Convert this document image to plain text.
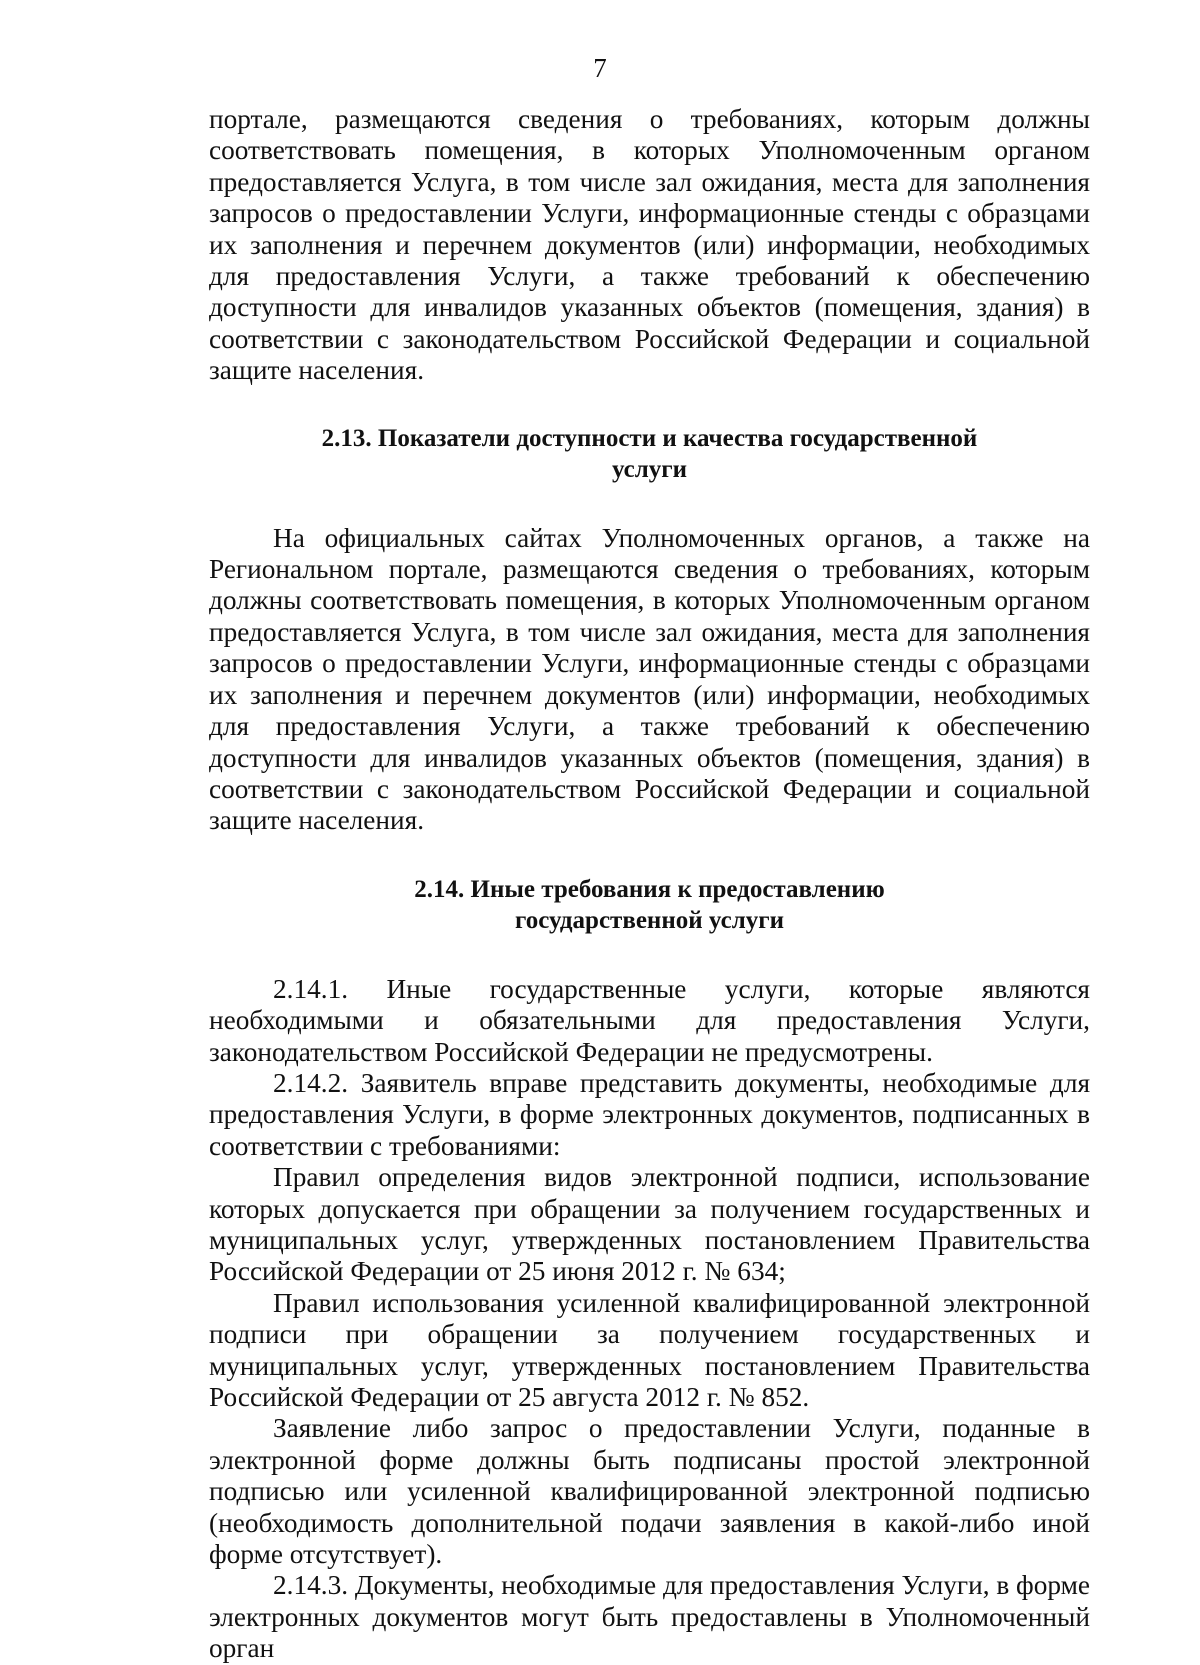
7

портале, размещаются сведения о требованиях, которым должны соответствовать помещения, в которых Уполномоченным органом предоставляется Услуга, в том числе зал ожидания, места для заполнения запросов о предоставлении Услуги, информационные стенды с образцами их заполнения и перечнем документов (или) информации, необходимых для предоставления Услуги, а также требований к обеспечению доступности для инвалидов указанных объектов (помещения, здания) в соответствии с законодательством Российской Федерации и социальной защите населения.

2.13. Показатели доступности и качества государственной
услуги

На официальных сайтах Уполномоченных органов, а также на Региональном портале, размещаются сведения о требованиях, которым должны соответствовать помещения, в которых Уполномоченным органом предоставляется Услуга, в том числе зал ожидания, места для заполнения запросов о предоставлении Услуги, информационные стенды с образцами их заполнения и перечнем документов (или) информации, необходимых для предоставления Услуги, а также требований к обеспечению доступности для инвалидов указанных объектов (помещения, здания) в соответствии с законодательством Российской Федерации и социальной защите населения.

2.14. Иные требования к предоставлению
государственной услуги

2.14.1. Иные государственные услуги, которые являются необходимыми и обязательными для предоставления Услуги, законодательством Российской Федерации не предусмотрены.

2.14.2. Заявитель вправе представить документы, необходимые для предоставления Услуги, в форме электронных документов, подписанных в соответствии с требованиями:

Правил определения видов электронной подписи, использование которых допускается при обращении за получением государственных и муниципальных услуг, утвержденных постановлением Правительства Российской Федерации от 25 июня 2012 г. № 634;

Правил использования усиленной квалифицированной электронной подписи при обращении за получением государственных и муниципальных услуг, утвержденных постановлением Правительства Российской Федерации от 25 августа 2012 г. № 852.

Заявление либо запрос о предоставлении Услуги, поданные в электронной форме должны быть подписаны простой электронной подписью или усиленной квалифицированной электронной подписью (необходимость дополнительной подачи заявления в какой-либо иной форме отсутствует).

2.14.3. Документы, необходимые для предоставления Услуги, в форме электронных документов могут быть предоставлены в Уполномоченный орган
